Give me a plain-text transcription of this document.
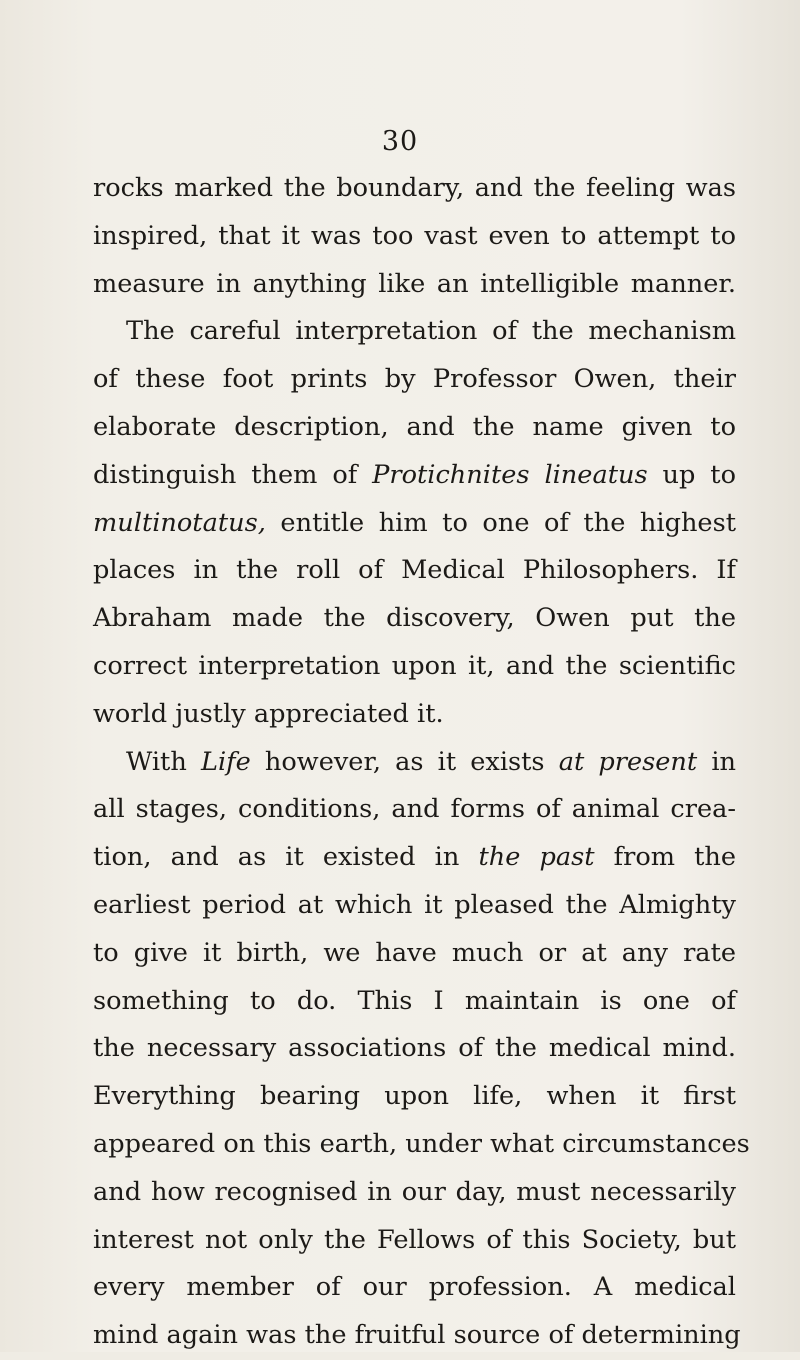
30
rocks marked the boundary, and the feeling was
inspired, that it was too vast even to attempt to
measure in anything like an intelligible manner.
The careful interpretation of the mechanism
of these foot prints by Professor Owen, their
elaborate description, and the name given to
distinguish them of Protichnites lineatus up to
multinotatus, entitle him to one of the highest
places in the roll of Medical Philosophers. If
Abraham made the discovery, Owen put the
correct interpretation upon it, and the scientific
world justly appreciated it.
With Life however, as it exists at present in
all stages, conditions, and forms of animal crea-
tion, and as it existed in the past from the
earliest period at which it pleased the Almighty
to give it birth, we have much or at any rate
something to do. This I maintain is one of
the necessary associations of the medical mind.
Everything bearing upon life, when it first
appeared on this earth, under what circumstances
and how recognised in our day, must necessarily
interest not only the Fellows of this Society, but
every member of our profession. A medical
mind again was the fruitful source of determining
